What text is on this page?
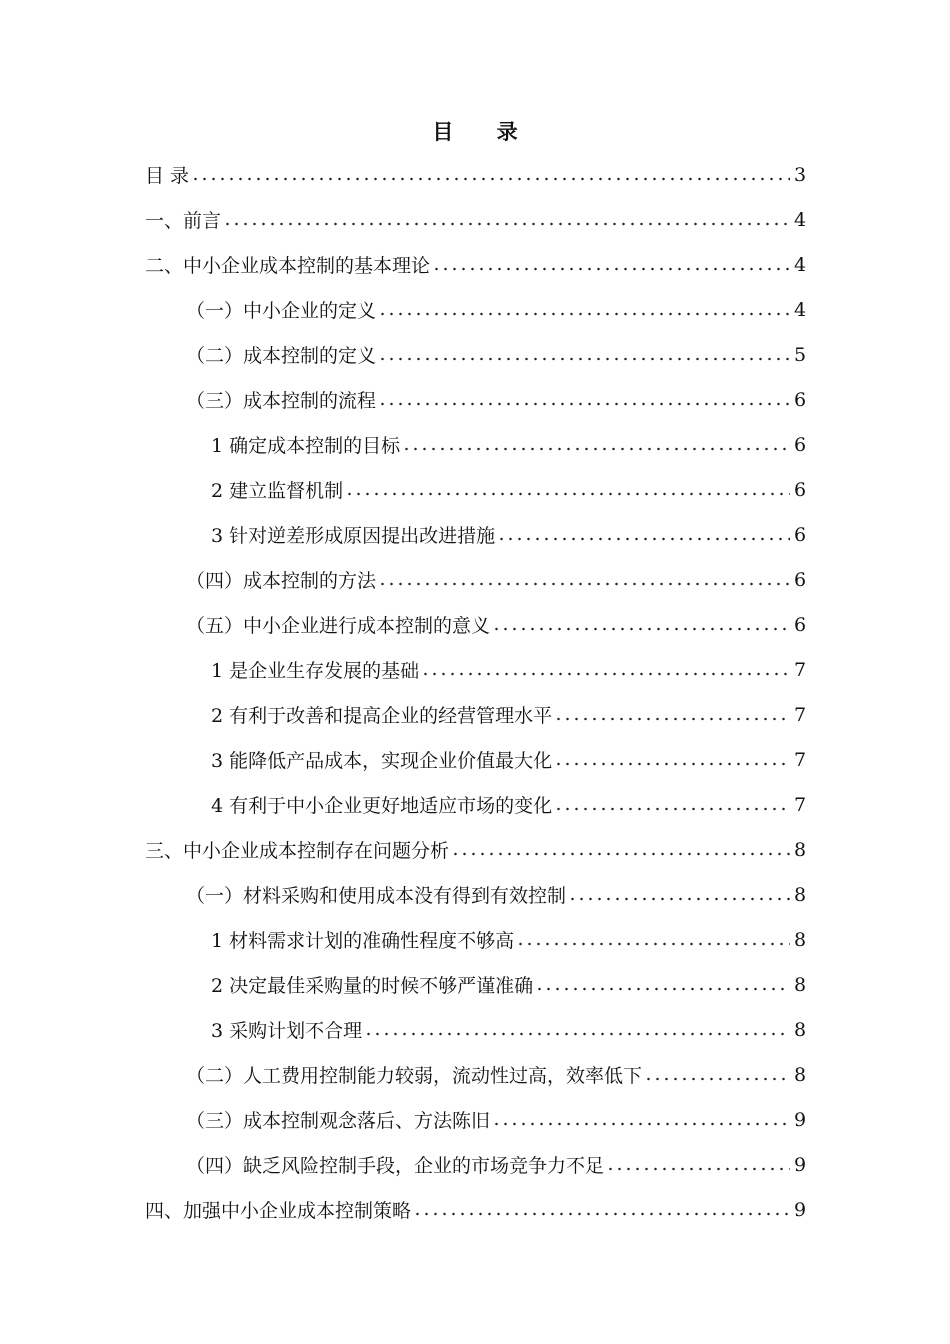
目 录
目 录	3
一、前言	4
二、中小企业成本控制的基本理论	4
（一）中小企业的定义	4
（二）成本控制的定义	5
（三）成本控制的流程	6
1 确定成本控制的目标	6
2 建立监督机制	6
3 针对逆差形成原因提出改进措施	6
（四）成本控制的方法	6
（五）中小企业进行成本控制的意义	6
1 是企业生存发展的基础	7
2 有利于改善和提高企业的经营管理水平	7
3 能降低产品成本，实现企业价值最大化	7
4 有利于中小企业更好地适应市场的变化	7
三、中小企业成本控制存在问题分析	8
（一）材料采购和使用成本没有得到有效控制	8
1 材料需求计划的准确性程度不够高	8
2 决定最佳采购量的时候不够严谨准确	8
3 采购计划不合理	8
（二）人工费用控制能力较弱，流动性过高，效率低下	8
（三）成本控制观念落后、方法陈旧	9
（四）缺乏风险控制手段，企业的市场竞争力不足	9
四、加强中小企业成本控制策略	9
